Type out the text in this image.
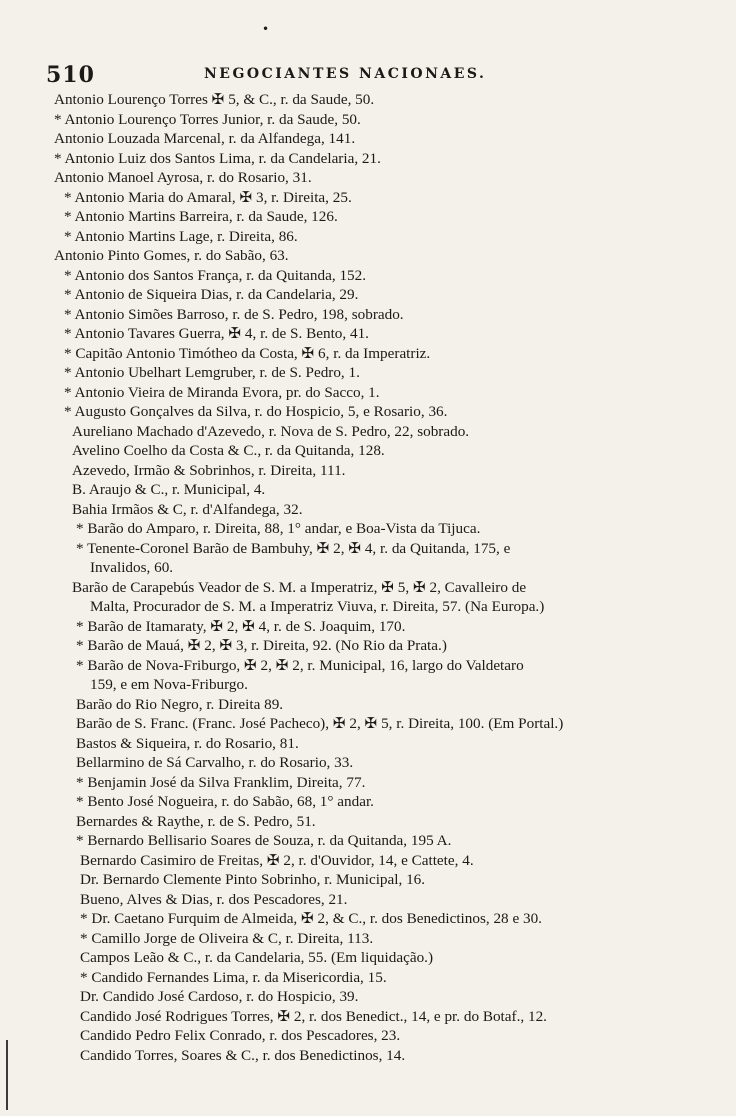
•
510	NEGOCIANTES NACIONAES.
Antonio Lourenço Torres ✠ 5, & C., r. da Saude, 50.
* Antonio Lourenço Torres Junior, r. da Saude, 50.
Antonio Louzada Marcenal, r. da Alfandega, 141.
* Antonio Luiz dos Santos Lima, r. da Candelaria, 21.
Antonio Manoel Ayrosa, r. do Rosario, 31.
* Antonio Maria do Amaral, ✠ 3, r. Direita, 25.
* Antonio Martins Barreira, r. da Saude, 126.
* Antonio Martins Lage, r. Direita, 86.
Antonio Pinto Gomes, r. do Sabão, 63.
* Antonio dos Santos França, r. da Quitanda, 152.
* Antonio de Siqueira Dias, r. da Candelaria, 29.
* Antonio Simões Barroso, r. de S. Pedro, 198, sobrado.
* Antonio Tavares Guerra, ✠ 4, r. de S. Bento, 41.
* Capitão Antonio Timótheo da Costa, ✠ 6, r. da Imperatriz.
* Antonio Ubelhart Lemgruber, r. de S. Pedro, 1.
* Antonio Vieira de Miranda Evora, pr. do Sacco, 1.
* Augusto Gonçalves da Silva, r. do Hospicio, 5, e Rosario, 36.
Aureliano Machado d'Azevedo, r. Nova de S. Pedro, 22, sobrado.
Avelino Coelho da Costa & C., r. da Quitanda, 128.
Azevedo, Irmão & Sobrinhos, r. Direita, 111.
B. Araujo & C., r. Municipal, 4.
Bahia Irmãos & C, r. d'Alfandega, 32.
* Barão do Amparo, r. Direita, 88, 1° andar, e Boa-Vista da Tijuca.
* Tenente-Coronel Barão de Bambuhy, ✠ 2, ✠ 4, r. da Quitanda, 175, e
Invalidos, 60.
Barão de Carapebús Veador de S. M. a Imperatriz, ✠ 5, ✠ 2, Cavalleiro de
Malta, Procurador de S. M. a Imperatriz Viuva, r. Direita, 57. (Na Europa.)
* Barão de Itamaraty, ✠ 2, ✠ 4, r. de S. Joaquim, 170.
* Barão de Mauá, ✠ 2, ✠ 3, r. Direita, 92. (No Rio da Prata.)
* Barão de Nova-Friburgo, ✠ 2, ✠ 2, r. Municipal, 16, largo do Valdetaro
159, e em Nova-Friburgo.
Barão do Rio Negro, r. Direita 89.
Barão de S. Franc. (Franc. José Pacheco), ✠ 2, ✠ 5, r. Direita, 100. (Em Portal.)
Bastos & Siqueira, r. do Rosario, 81.
Bellarmino de Sá Carvalho, r. do Rosario, 33.
* Benjamin José da Silva Franklim, Direita, 77.
* Bento José Nogueira, r. do Sabão, 68, 1° andar.
Bernardes & Raythe, r. de S. Pedro, 51.
* Bernardo Bellisario Soares de Souza, r. da Quitanda, 195 A.
Bernardo Casimiro de Freitas, ✠ 2, r. d'Ouvidor, 14, e Cattete, 4.
Dr. Bernardo Clemente Pinto Sobrinho, r. Municipal, 16.
Bueno, Alves & Dias, r. dos Pescadores, 21.
* Dr. Caetano Furquim de Almeida, ✠ 2, & C., r. dos Benedictinos, 28 e 30.
* Camillo Jorge de Oliveira & C, r. Direita, 113.
Campos Leão & C., r. da Candelaria, 55. (Em liquidação.)
* Candido Fernandes Lima, r. da Misericordia, 15.
Dr. Candido José Cardoso, r. do Hospicio, 39.
Candido José Rodrigues Torres, ✠ 2, r. dos Benedict., 14, e pr. do Botaf., 12.
Candido Pedro Felix Conrado, r. dos Pescadores, 23.
Candido Torres, Soares & C., r. dos Benedictinos, 14.
